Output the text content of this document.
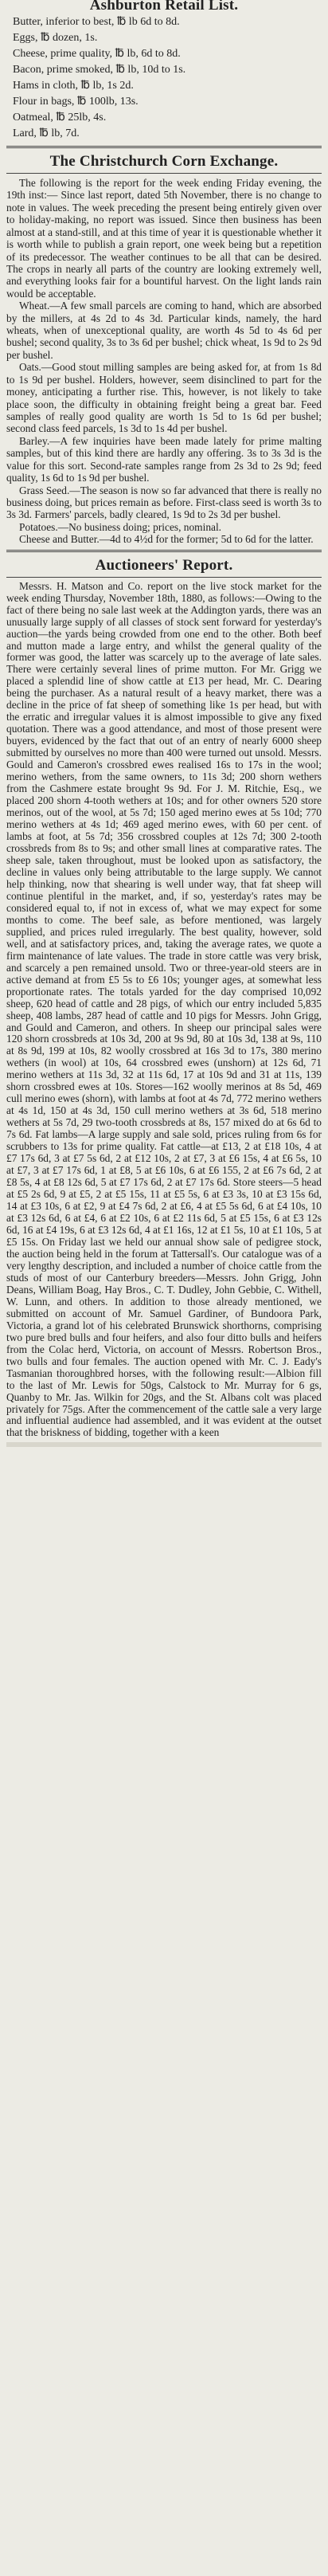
Ashburton Retail List.
Butter, inferior to best, ℔ lb 6d to 8d.
Eggs, ℔ dozen, 1s.
Cheese, prime quality, ℔ lb, 6d to 8d.
Bacon, prime smoked, ℔ lb, 10d to 1s.
Hams in cloth, ℔ lb, 1s 2d.
Flour in bags, ℔ 100lb, 13s.
Oatmeal, ℔ 25lb, 4s.
Lard, ℔ lb, 7d.
The Christchurch Corn Exchange.

The following is the report for the week ending Friday evening, the 19th inst:— Since last report, dated 5th November, there is no change to note in values. The week preceding the present being entirely given over to holiday-making, no report was issued. Since then business has been almost at a stand-still, and at this time of year it is questionable whether it is worth while to publish a grain report, one week being but a repetition of its predecessor. The weather continues to be all that can be desired. The crops in nearly all parts of the country are looking extremely well, and everything looks fair for a bountiful harvest. On the light lands rain would be acceptable.

Wheat.—A few small parcels are coming to hand, which are absorbed by the millers, at 4s 2d to 4s 3d. Particular kinds, namely, the hard wheats, when of unexceptional quality, are worth 4s 5d to 4s 6d per bushel; second quality, 3s to 3s 6d per bushel; chick wheat, 1s 9d to 2s 9d per bushel.

Oats.—Good stout milling samples are being asked for, at from 1s 8d to 1s 9d per bushel. Holders, however, seem disinclined to part for the money, anticipating a further rise. This, however, is not likely to take place soon, the difficulty in obtaining freight being a great bar. Feed samples of really good quality are worth 1s 5d to 1s 6d per bushel; second class feed parcels, 1s 3d to 1s 4d per bushel.

Barley.—A few inquiries have been made lately for prime malting samples, but of this kind there are hardly any offering. 3s to 3s 3d is the value for this sort. Second-rate samples range from 2s 3d to 2s 9d; feed quality, 1s 6d to 1s 9d per bushel.

Grass Seed.—The season is now so far advanced that there is really no business doing, but prices remain as before. First-class seed is worth 3s to 3s 3d. Farmers' parcels, badly cleared, 1s 9d to 2s 3d per bushel.

Potatoes.—No business doing; prices, nominal.

Cheese and Butter.—4d to 4½d for the former; 5d to 6d for the latter.

Auctioneers' Report.

Messrs. H. Matson and Co. report on the live stock market for the week ending Thursday, November 18th, 1880, as follows:—Owing to the fact of there being no sale last week at the Addington yards, there was an unusually large supply of all classes of stock sent forward for yesterday's auction—the yards being crowded from one end to the other. Both beef and mutton made a large entry, and whilst the general quality of the former was good, the latter was scarcely up to the average of late sales. There were certainly several lines of prime mutton. For Mr. Grigg we placed a splendid line of show cattle at £13 per head, Mr. C. Dearing being the purchaser. As a natural result of a heavy market, there was a decline in the price of fat sheep of something like 1s per head, but with the erratic and irregular values it is almost impossible to give any fixed quotation. There was a good attendance, and most of those present were buyers, evidenced by the fact that out of an entry of nearly 6000 sheep submitted by ourselves no more than 400 were turned out unsold. Messrs. Gould and Cameron's crossbred ewes realised 16s to 17s in the wool; merino wethers, from the same owners, to 11s 3d; 200 shorn wethers from the Cashmere estate brought 9s 9d. For J. M. Ritchie, Esq., we placed 200 shorn 4-tooth wethers at 10s; and for other owners 520 store merinos, out of the wool, at 5s 7d; 150 aged merino ewes at 5s 10d; 770 merino wethers at 4s 1d; 469 aged merino ewes, with 60 per cent. of lambs at foot, at 5s 7d; 356 crossbred couples at 12s 7d; 300 2-tooth crossbreds from 8s to 9s; and other small lines at comparative rates. The sheep sale, taken throughout, must be looked upon as satisfactory, the decline in values only being attributable to the large supply. We cannot help thinking, now that shearing is well under way, that fat sheep will continue plentiful in the market, and, if so, yesterday's rates may be considered equal to, if not in excess of, what we may expect for some months to come. The beef sale, as before mentioned, was largely supplied, and prices ruled irregularly. The best quality, however, sold well, and at satisfactory prices, and, taking the average rates, we quote a firm maintenance of late values. The trade in store cattle was very brisk, and scarcely a pen remained unsold. Two or three-year-old steers are in active demand at from £5 5s to £6 10s; younger ages, at somewhat less proportionate rates. The totals yarded for the day comprised 10,092 sheep, 620 head of cattle and 28 pigs, of which our entry included 5,835 sheep, 408 lambs, 287 head of cattle and 10 pigs for Messrs. John Grigg, and Gould and Cameron, and others. In sheep our principal sales were 120 shorn crossbreds at 10s 3d, 200 at 9s 9d, 80 at 10s 3d, 138 at 9s, 110 at 8s 9d, 199 at 10s, 82 woolly crossbred at 16s 3d to 17s, 380 merino wethers (in wool) at 10s, 64 crossbred ewes (unshorn) at 12s 6d, 71 merino wethers at 11s 3d, 32 at 11s 6d, 17 at 10s 9d and 31 at 11s, 139 shorn crossbred ewes at 10s. Stores—162 woolly merinos at 8s 5d, 469 cull merino ewes (shorn), with lambs at foot at 4s 7d, 772 merino wethers at 4s 1d, 150 at 4s 3d, 150 cull merino wethers at 3s 6d, 518 merino wethers at 5s 7d, 29 two-tooth crossbreds at 8s, 157 mixed do at 6s 6d to 7s 6d. Fat lambs—A large supply and sale sold, prices ruling from 6s for scrubbers to 13s for prime quality. Fat cattle—at £13, 2 at £18 10s, 4 at £7 17s 6d, 3 at £7 5s 6d, 2 at £12 10s, 2 at £7, 3 at £6 15s, 4 at £6 5s, 10 at £7, 3 at £7 17s 6d, 1 at £8, 5 at £6 10s, 6 at £6 155, 2 at £6 7s 6d, 2 at £8 5s, 4 at £8 12s 6d, 5 at £7 17s 6d, 2 at £7 17s 6d. Store steers—5 head at £5 2s 6d, 9 at £5, 2 at £5 15s, 11 at £5 5s, 6 at £3 3s, 10 at £3 15s 6d, 14 at £3 10s, 6 at £2, 9 at £4 7s 6d, 2 at £6, 4 at £5 5s 6d, 6 at £4 10s, 10 at £3 12s 6d, 6 at £4, 6 at £2 10s, 6 at £2 11s 6d, 5 at £5 15s, 6 at £3 12s 6d, 16 at £4 19s, 6 at £3 12s 6d, 4 at £1 16s, 12 at £1 5s, 10 at £1 10s, 5 at £5 15s. On Friday last we held our annual show sale of pedigree stock, the auction being held in the forum at Tattersall's. Our catalogue was of a very lengthy description, and included a number of choice cattle from the studs of most of our Canterbury breeders—Messrs. John Grigg, John Deans, William Boag, Hay Bros., C. T. Dudley, John Gebbie, C. Withell, W. Lunn, and others. In addition to those already mentioned, we submitted on account of Mr. Samuel Gardiner, of Bundoora Park, Victoria, a grand lot of his celebrated Brunswick shorthorns, comprising two pure bred bulls and four heifers, and also four ditto bulls and heifers from the Colac herd, Victoria, on account of Messrs. Robertson Bros., two bulls and four females. The auction opened with Mr. C. J. Eady's Tasmanian thoroughbred horses, with the following result:—Albion fill to the last of Mr. Lewis for 50gs, Calstock to Mr. Murray for 6 gs, Quanby to Mr. Jas. Wilkin for 20gs, and the St. Albans colt was placed privately for 75gs. After the commencement of the cattle sale a very large and influential audience had assembled, and it was evident at the outset that the briskness of bidding, together with a keen
